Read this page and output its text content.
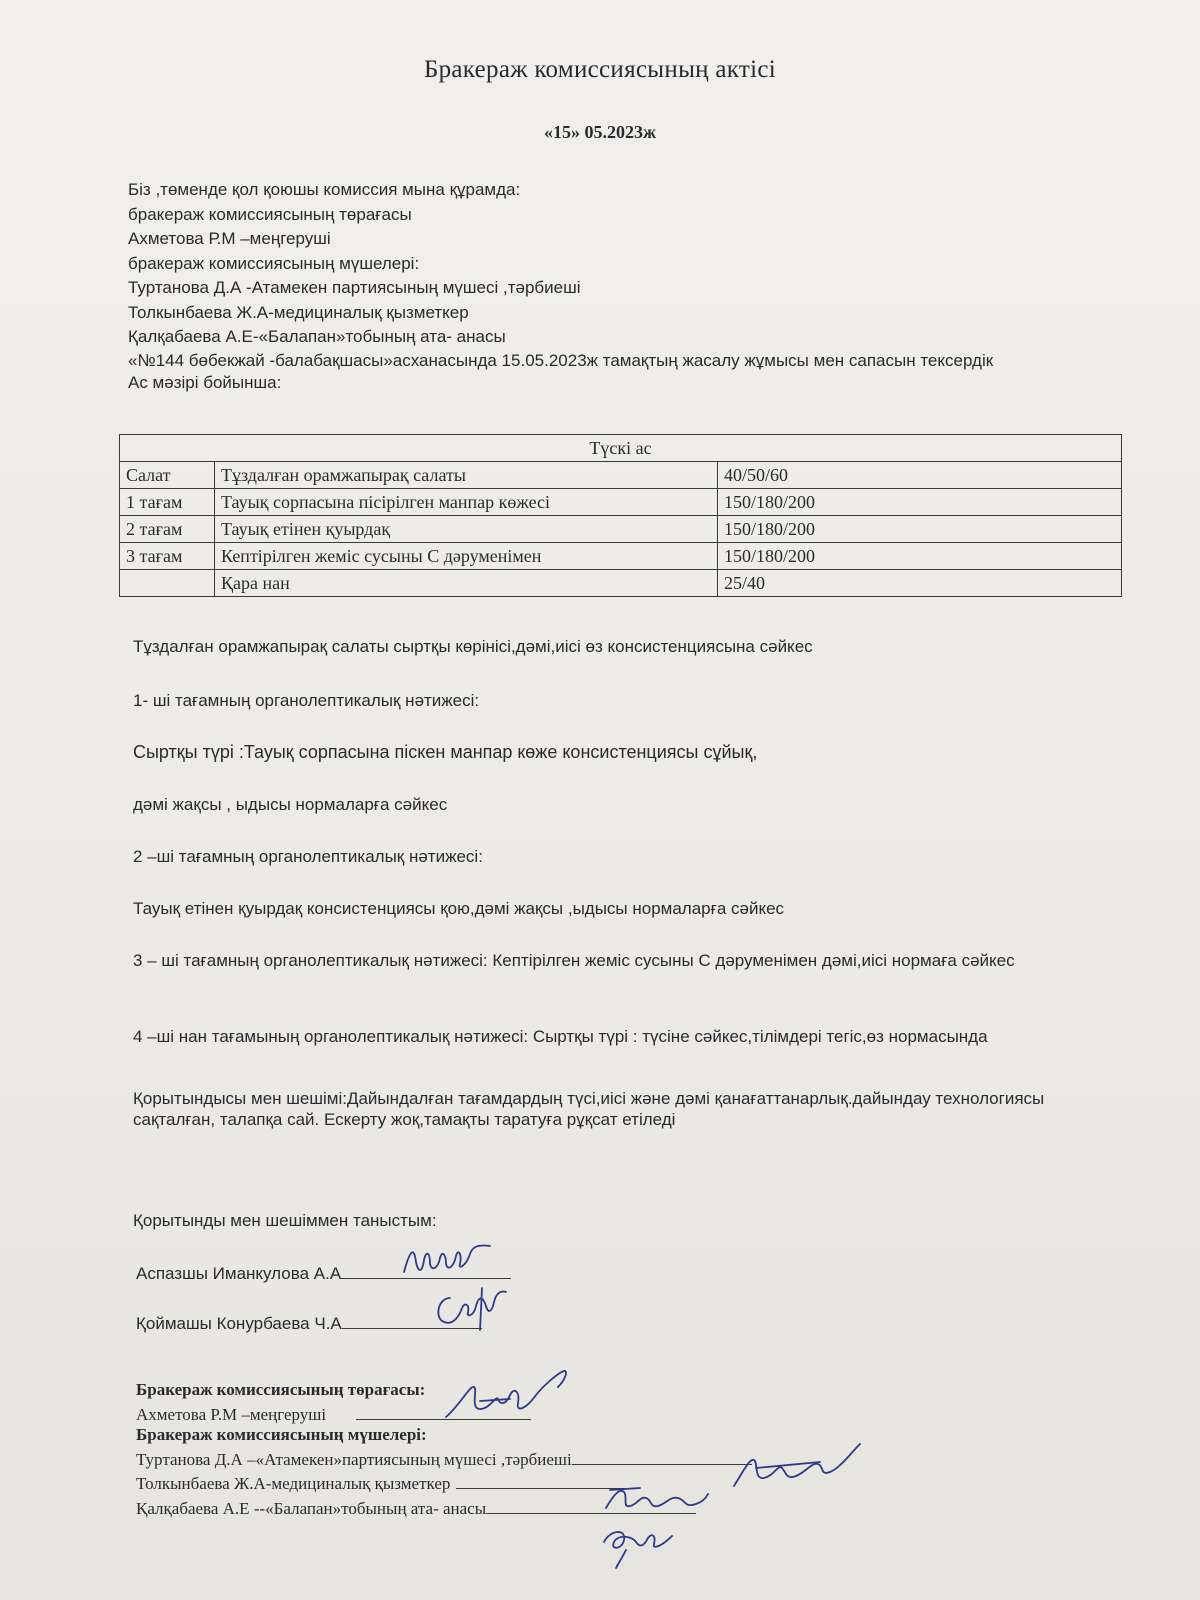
Бракераж комиссиясының актісі
«15» 05.2023ж
Біз ,төменде қол қоюшы комиссия мына құрамда:
бракераж комиссиясының төрағасы
Ахметова Р.М –меңгеруші
бракераж комиссиясының мүшелері:
Туртанова Д.А -Атамекен партиясының мүшесі ,тәрбиеші
Толкынбаева Ж.А-медициналық қызметкер
Қалқабаева А.Е-«Балапан»тобының ата- анасы
«№144 бөбекжай -балабақшасы»асханасында 15.05.2023ж тамақтың жасалу жұмысы мен сапасын тексердік
Ас мәзірі бойынша:
Түскі ас		
Салат	Тұздалған орамжапырақ салаты	40/50/60
1 тағам	Тауық сорпасына пісірілген манпар көжесі	150/180/200
2 тағам	Тауық етінен қуырдақ	150/180/200
3 тағам	Кептірілген жеміс сусыны С дәруменімен	150/180/200
	Қара нан	25/40
Тұздалған орамжапырақ салаты сыртқы көрінісі,дәмі,иісі өз консистенциясына сәйкес
1- ші тағамның органолептикалық нәтижесі:
Сыртқы түрі :Тауық сорпасына піскен манпар көже консистенциясы сұйық,
дәмі жақсы , ыдысы нормаларға сәйкес
2 –ші тағамның органолептикалық нәтижесі:
Тауық етінен қуырдақ консистенциясы қою,дәмі жақсы ,ыдысы нормаларға сәйкес
3 – ші тағамның органолептикалық нәтижесі: Кептірілген жеміс сусыны С дәруменімен дәмі,иісі нормаға сәйкес
4 –ші нан тағамының органолептикалық нәтижесі: Сыртқы түрі : түсіне сәйкес,тілімдері тегіс,өз нормасында
Қорытындысы мен шешімі:Дайындалған тағамдардың түсі,иісі және дәмі қанағаттанарлық.дайындау технологиясы сақталған, талапқа сай. Ескерту жоқ,тамақты таратуға рұқсат етіледі
Қорытынды мен шешіммен таныстым:
Аспазшы Иманкулова А.А
Қоймашы Конурбаева Ч.А
Бракераж комиссиясының төрағасы:
Ахметова Р.М –меңгеруші
Бракераж комиссиясының мүшелері:
Туртанова Д.А –«Атамекен»партиясының мүшесі ,тәрбиеші
Толкынбаева Ж.А-медициналық қызметкер
Қалқабаева А.Е --«Балапан»тобының ата- анасы
